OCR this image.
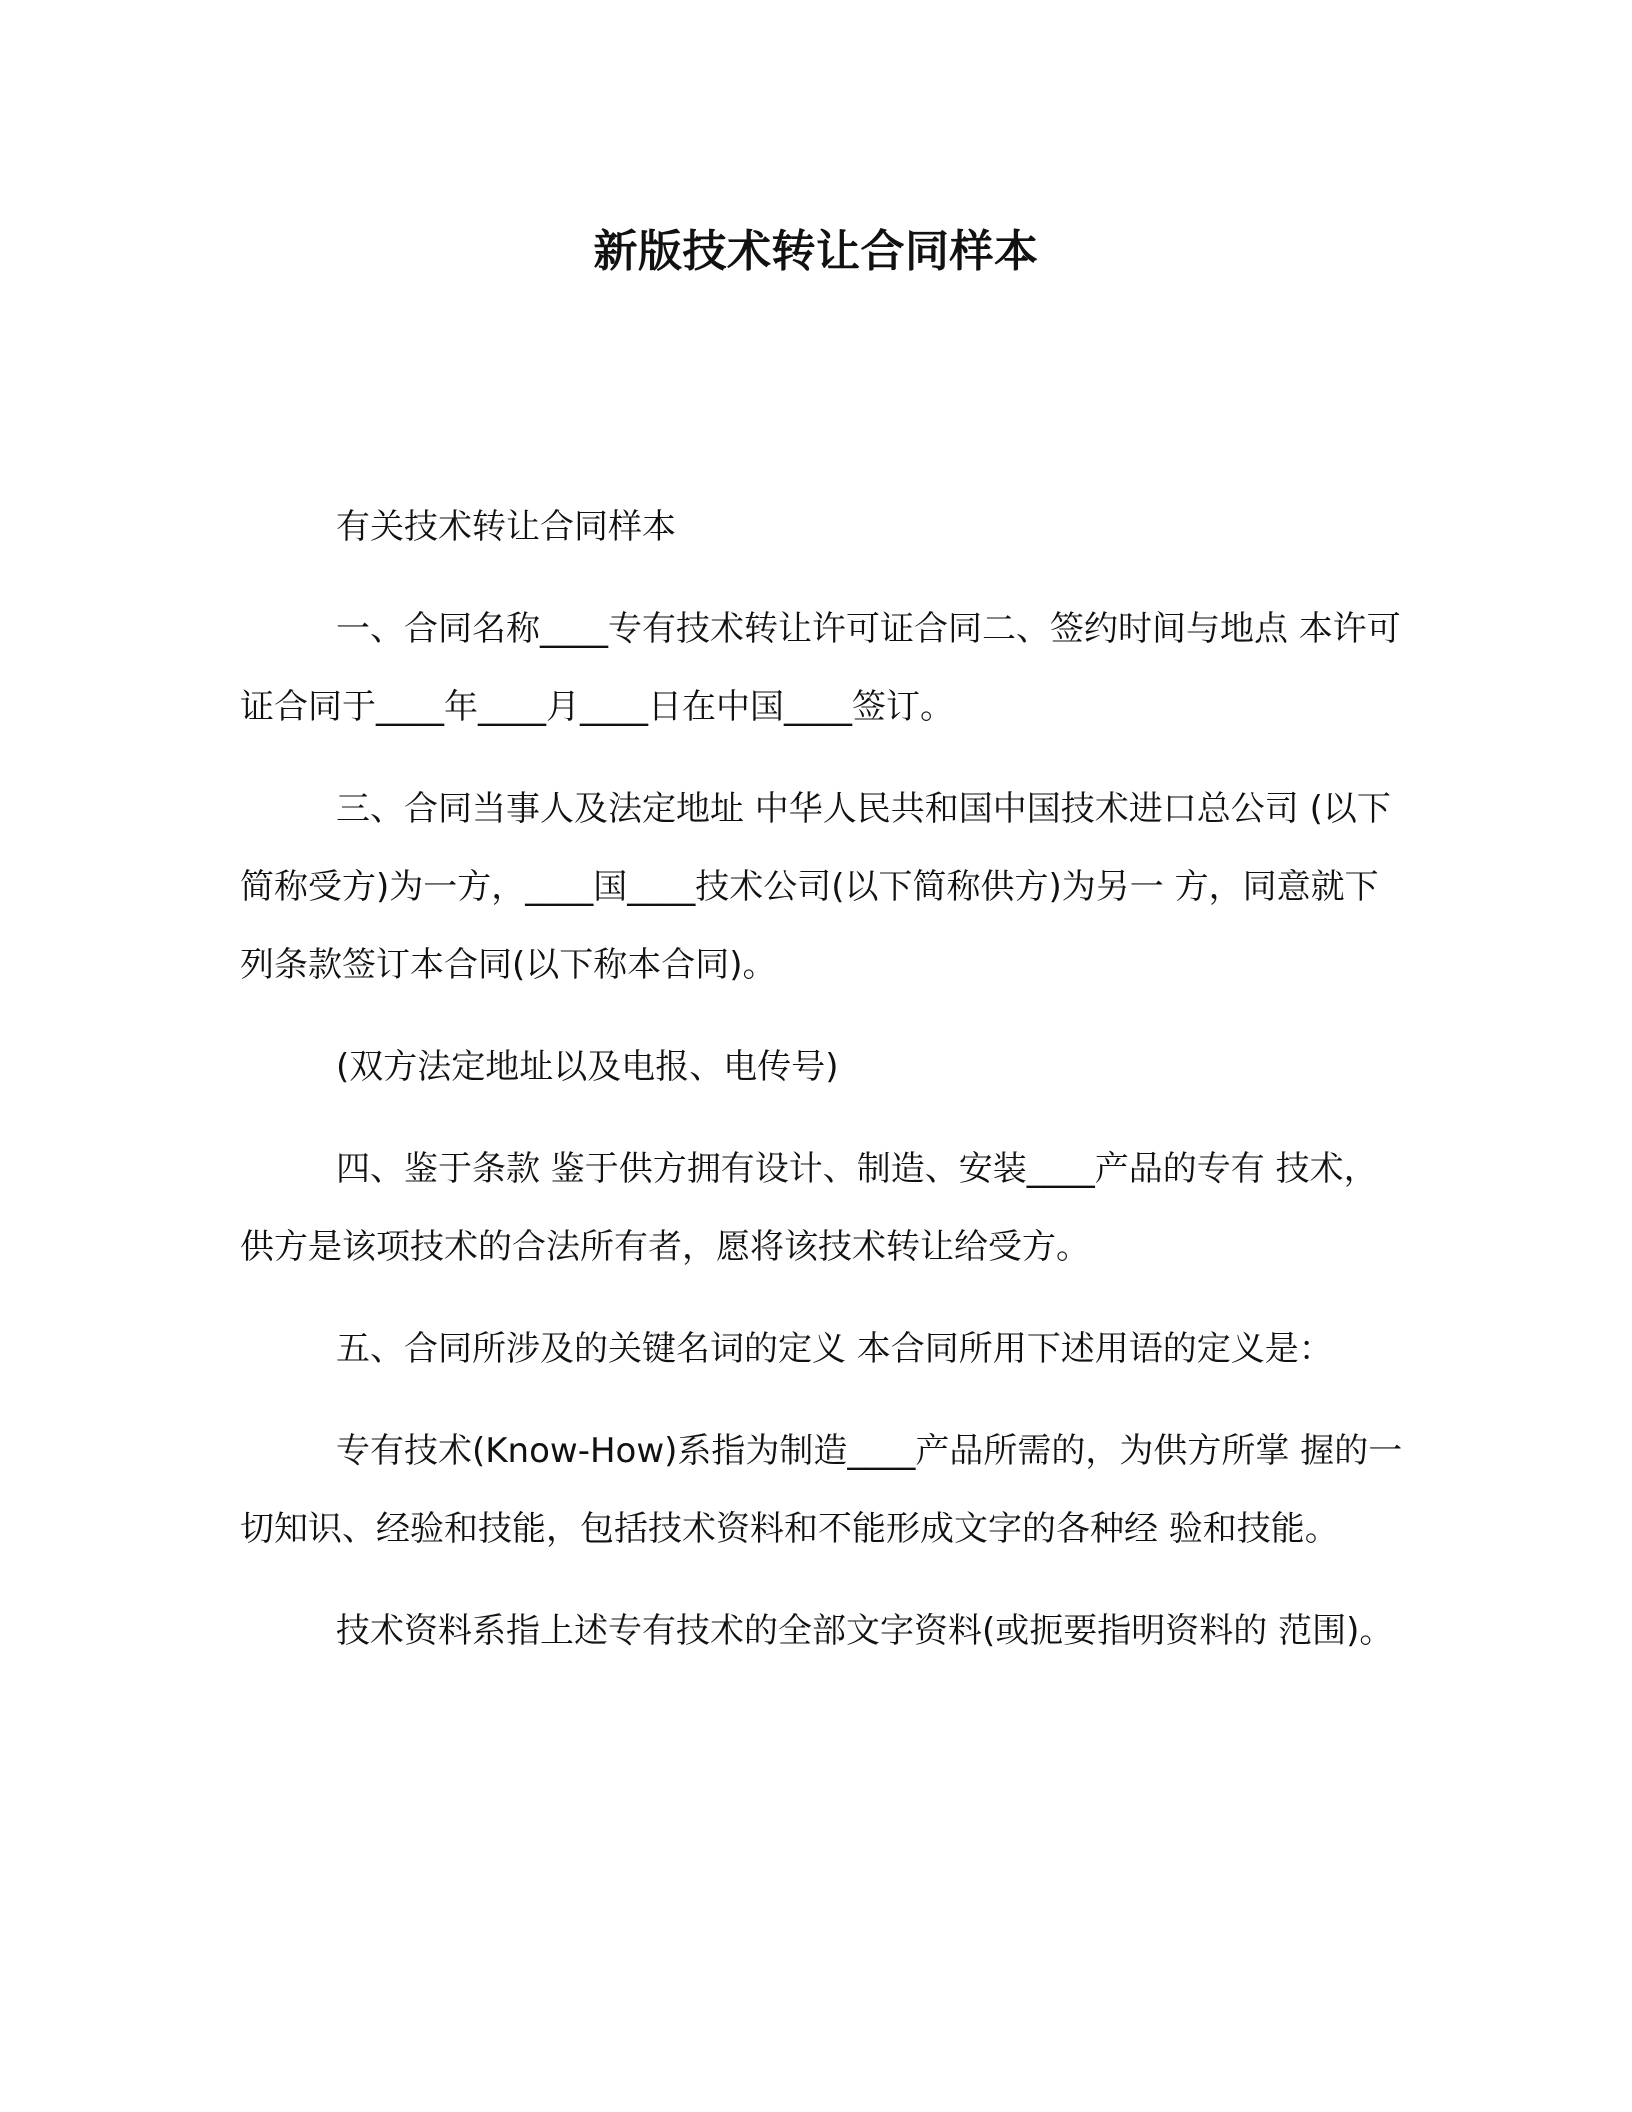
新版技术转让合同样本

有关技术转让合同样本

一、合同名称____专有技术转让许可证合同二、签约时间与地点 本许可证合同于____年____月____日在中国____签订。

三、合同当事人及法定地址 中华人民共和国中国技术进口总公司 (以下简称受方)为一方，____国____技术公司(以下简称供方)为另一 方，同意就下列条款签订本合同(以下称本合同)。

(双方法定地址以及电报、电传号)

四、鉴于条款 鉴于供方拥有设计、制造、安装____产品的专有 技术，供方是该项技术的合法所有者，愿将该技术转让给受方。

五、合同所涉及的关键名词的定义 本合同所用下述用语的定义是：

专有技术(Know-How)系指为制造____产品所需的，为供方所掌 握的一切知识、经验和技能，包括技术资料和不能形成文字的各种经 验和技能。

技术资料系指上述专有技术的全部文字资料(或扼要指明资料的 范围)。
